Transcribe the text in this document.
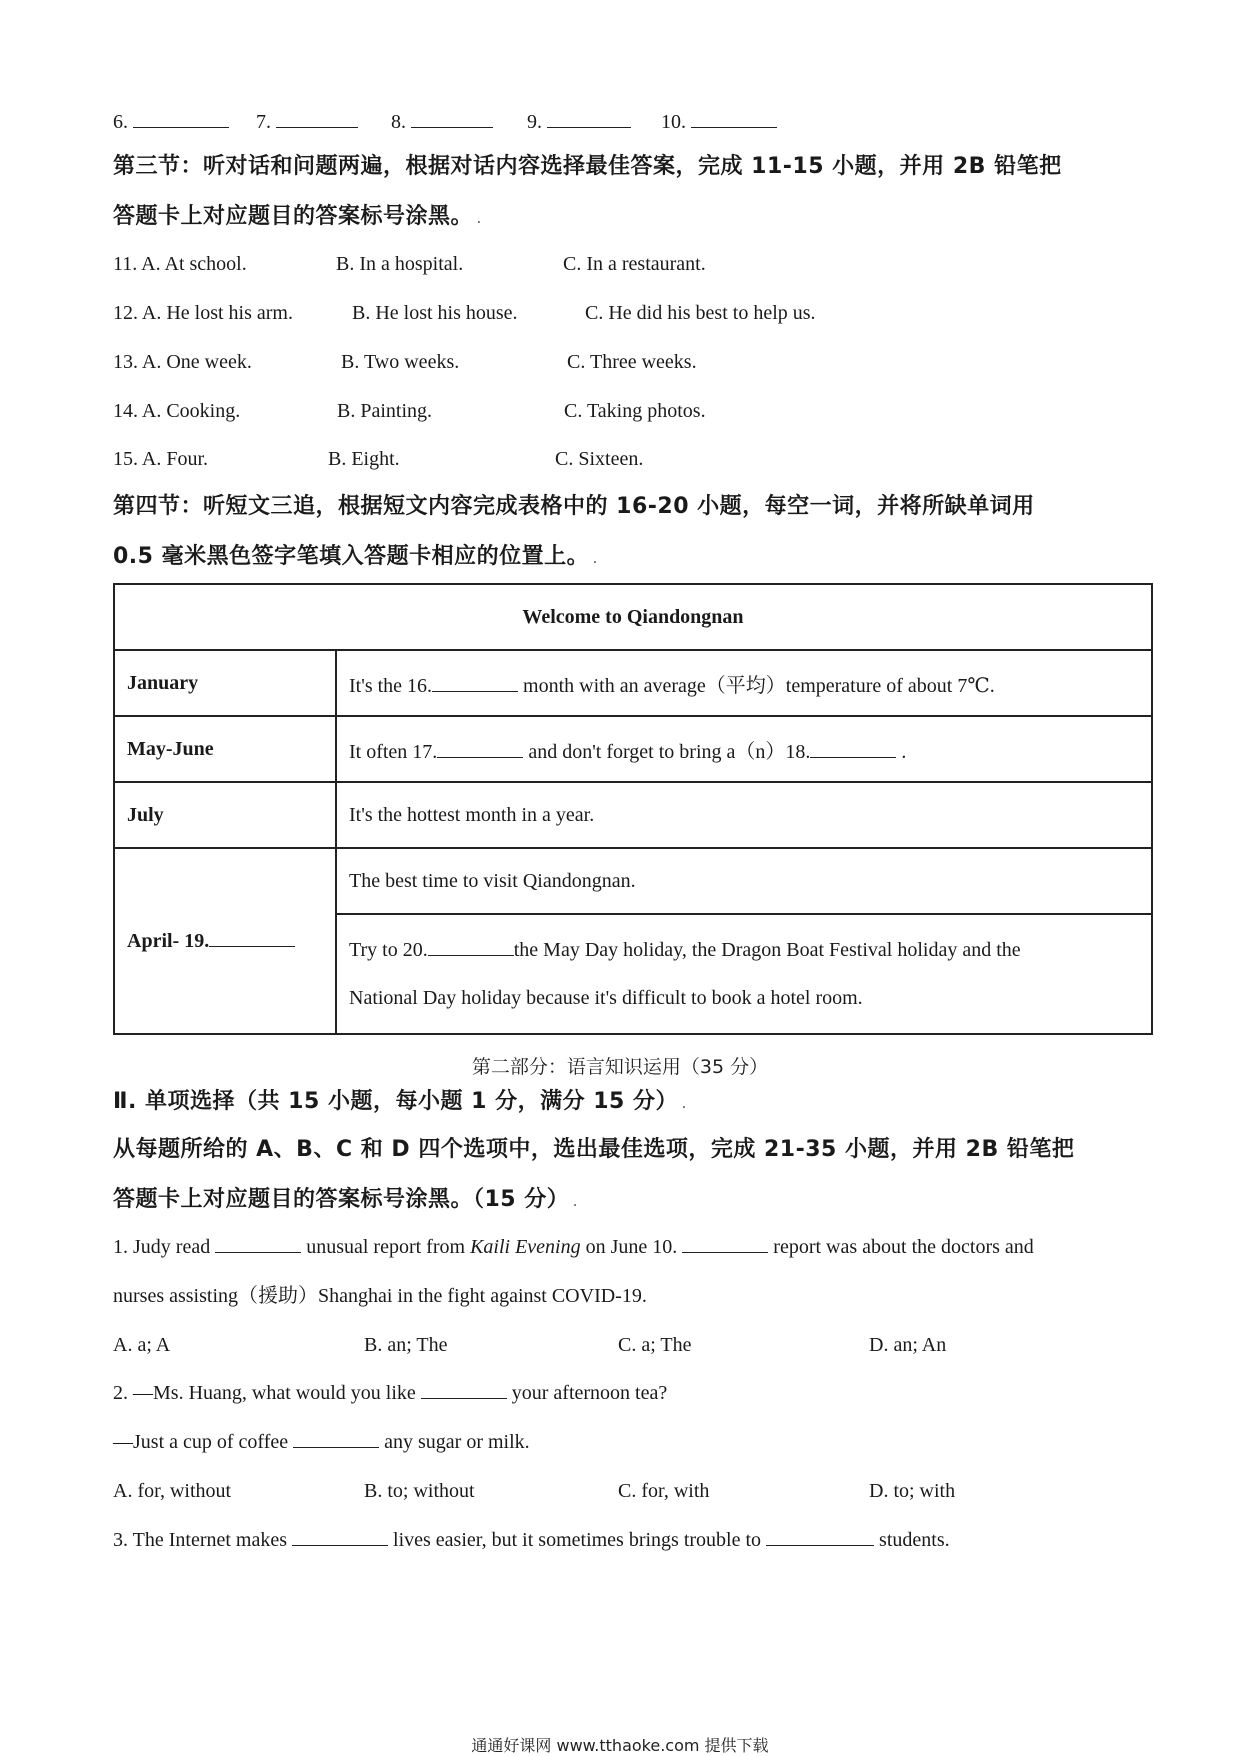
6.	7.	8.	9.	10.
第三节：听对话和问题两遍，根据对话内容选择最佳答案，完成 11-15 小题，并用 2B 铅笔把
答题卡上对应题目的答案标号涂黑。 .
11. A. At school.	B. In a hospital.	C. In a restaurant.
12. A. He lost his arm.	B. He lost his house.	C. He did his best to help us.
13. A. One week.	B. Two weeks.	C. Three weeks.
14. A. Cooking.	B. Painting.	C. Taking photos.
15. A. Four.	B. Eight.	C. Sixteen.
第四节：听短文三追，根据短文内容完成表格中的 16-20 小题，每空一词，并将所缺单词用
0.5 毫米黑色签字笔填入答题卡相应的位置上。 .
Welcome to Qiandongnan	
January	It's the 16. month with an average（平均）temperature of about 7℃.
May-June	It often 17. and don't forget to bring a（n）18. .
July	It's the hottest month in a year.
April- 19.	The best time to visit Qiandongnan.
	Try to 20. the May Day holiday, the Dragon Boat Festival holiday and the
National Day holiday because it's difficult to book a hotel room.
第二部分：语言知识运用（35 分）
Ⅱ. 单项选择（共 15 小题，每小题 1 分，满分 15 分） .
从每题所给的 A、B、C 和 D 四个选项中，选出最佳选项，完成 21-35 小题，并用 2B 铅笔把
答题卡上对应题目的答案标号涂黑。（15 分） .
1. Judy read	unusual report from Kaili Evening on June 10.	report was about the doctors and
nurses assisting（援助）Shanghai in the fight against COVID-19.
A. a; A	B. an; The	C. a; The	D. an; An
2. —Ms. Huang, what would you like	your afternoon tea?
—Just a cup of coffee	any sugar or milk.
A. for, without	B. to; without	C. for, with	D. to; with
3. The Internet makes	lives easier, but it sometimes brings trouble to	students.
通通好课网 www.tthaoke.com 提供下载
